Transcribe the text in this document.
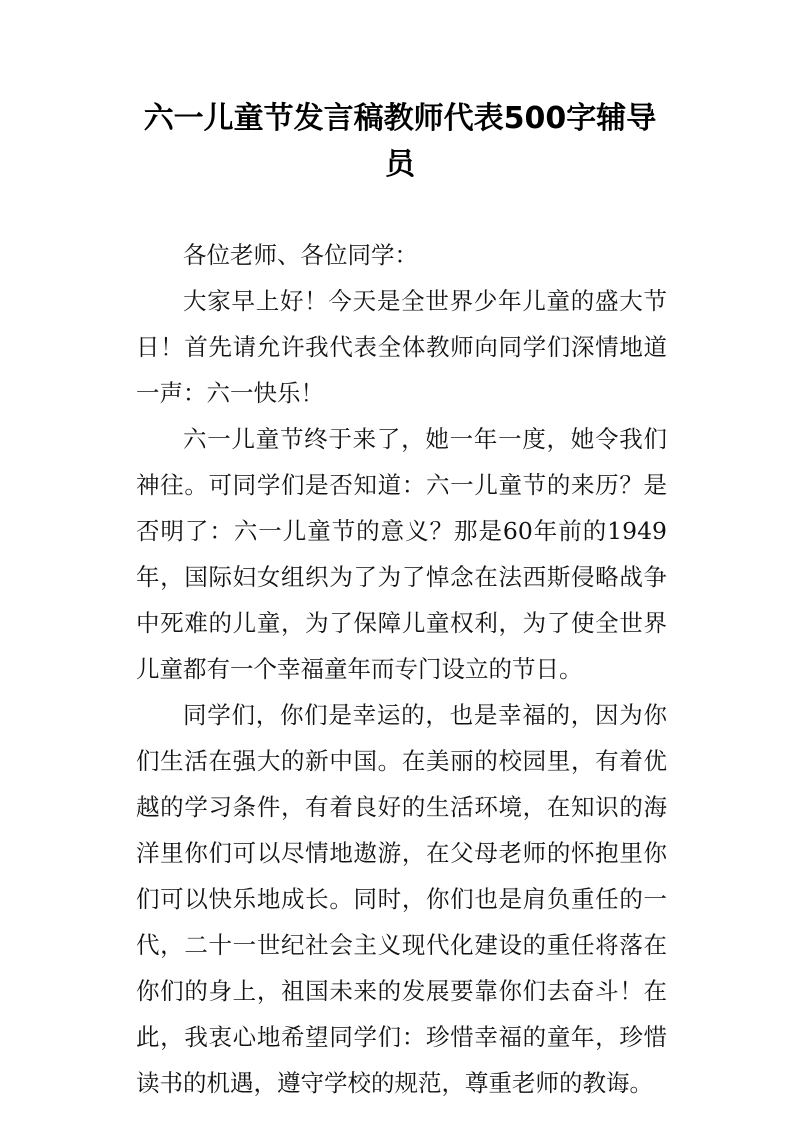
六一儿童节发言稿教师代表500字辅导员

各位老师、各位同学：

大家早上好！今天是全世界少年儿童的盛大节日！首先请允许我代表全体教师向同学们深情地道一声：六一快乐！

六一儿童节终于来了，她一年一度，她令我们神往。可同学们是否知道：六一儿童节的来历？是否明了：六一儿童节的意义？那是60年前的1949年，国际妇女组织为了为了悼念在法西斯侵略战争中死难的儿童，为了保障儿童权利，为了使全世界儿童都有一个幸福童年而专门设立的节日。

同学们，你们是幸运的，也是幸福的，因为你们生活在强大的新中国。在美丽的校园里，有着优越的学习条件，有着良好的生活环境，在知识的海洋里你们可以尽情地遨游，在父母老师的怀抱里你们可以快乐地成长。同时，你们也是肩负重任的一代，二十一世纪社会主义现代化建设的重任将落在你们的身上，祖国未来的发展要靠你们去奋斗！在此，我衷心地希望同学们：珍惜幸福的童年，珍惜读书的机遇，遵守学校的规范，尊重老师的教诲。
